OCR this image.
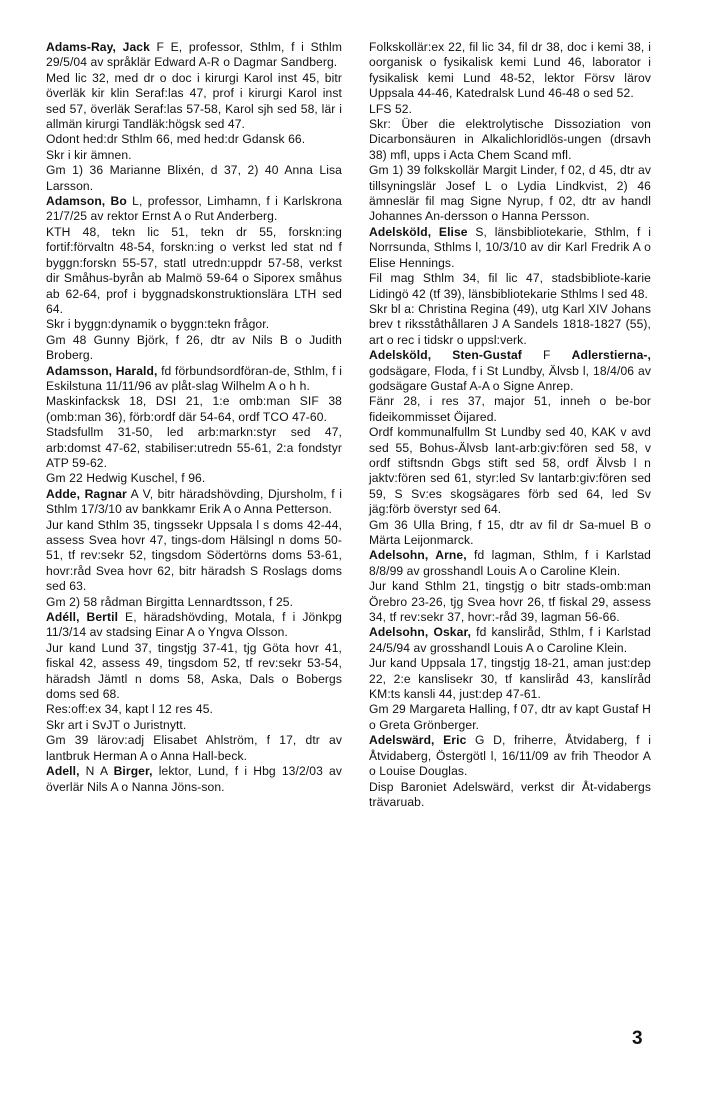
Adams-Ray, Jack F E, professor, Sthlm, f i Sthlm 29/5/04 av språklär Edward A-R o Dagmar Sandberg.

Med lic 32, med dr o doc i kirurgi Karol inst 45, bitr överläk kir klin Seraf:las 47, prof i kirurgi Karol inst sed 57, överläk Seraf:las 57-58, Karol sjh sed 58, lär i allmän kirurgi Tandläk:högsk sed 47.

Odont hed:dr Sthlm 66, med hed:dr Gdansk 66.

Skr i kir ämnen.

Gm 1) 36 Marianne Blixén, d 37, 2) 40 Anna Lisa Larsson.

Adamson, Bo L, professor, Limhamn, f i Karlskrona 21/7/25 av rektor Ernst A o Rut Anderberg.

KTH 48, tekn lic 51, tekn dr 55, forskn:ing fortif:förvaltn 48-54, forskn:ing o verkst led stat nd f byggn:forskn 55-57, statl utredn:uppdr 57-58, verkst dir Småhus-byrån ab Malmö 59-64 o Siporex småhus ab 62-64, prof i byggnadskonstruktionslära LTH sed 64.

Skr i byggn:dynamik o byggn:tekn frågor.

Gm 48 Gunny Björk, f 26, dtr av Nils B o Judith Broberg.

Adamsson, Harald, fd förbundsordföran-de, Sthlm, f i Eskilstuna 11/11/96 av plåt-slag Wilhelm A o h h.

Maskinfacksk 18, DSI 21, 1:e omb:man SIF 38 (omb:man 36), förb:ordf där 54-64, ordf TCO 47-60.

Stadsfullm 31-50, led arb:markn:styr sed 47, arb:domst 47-62, stabiliser:utredn 55-61, 2:a fondstyr ATP 59-62.

Gm 22 Hedwig Kuschel, f 96.

Adde, Ragnar A V, bitr häradshövding, Djursholm, f i Sthlm 17/3/10 av bankkamr Erik A o Anna Petterson.

Jur kand Sthlm 35, tingssekr Uppsala l s doms 42-44, assess Svea hovr 47, tings-dom Hälsingl n doms 50-51, tf rev:sekr 52, tingsdom Södertörns doms 53-61, hovr:råd Svea hovr 62, bitr häradsh S Roslags doms sed 63.

Gm 2) 58 rådman Birgitta Lennardtsson, f 25.

Adéll, Bertil E, häradshövding, Motala, f i Jönkpg 11/3/14 av stadsing Einar A o Yngva Olsson.

Jur kand Lund 37, tingstjg 37-41, tjg Göta hovr 41, fiskal 42, assess 49, tingsdom 52, tf rev:sekr 53-54, häradsh Jämtl n doms 58, Aska, Dals o Bobergs doms sed 68.

Res:off:ex 34, kapt l 12 res 45.

Skr art i SvJT o Juristnytt.

Gm 39 lärov:adj Elisabet Ahlström, f 17, dtr av lantbruk Herman A o Anna Hall-beck.

Adell, N A Birger, lektor, Lund, f i Hbg 13/2/03 av överlär Nils A o Nanna Jöns-son.

Folkskollär:ex 22, fil lic 34, fil dr 38, doc i kemi 38, i oorganisk o fysikalisk kemi Lund 46, laborator i fysikalisk kemi Lund 48-52, lektor Försv lärov Uppsala 44-46, Katedralsk Lund 46-48 o sed 52.

LFS 52.

Skr: Über die elektrolytische Dissoziation von Dicarbonsäuren in Alkalichloridlös-ungen (drsavh 38) mfl, upps i Acta Chem Scand mfl.

Gm 1) 39 folkskollär Margit Linder, f 02, d 45, dtr av tillsyningslär Josef L o Lydia Lindkvist, 2) 46 ämneslär fil mag Signe Nyrup, f 02, dtr av handl Johannes An-dersson o Hanna Persson.

Adelsköld, Elise S, länsbibliotekarie, Sthlm, f i Norrsunda, Sthlms l, 10/3/10 av dir Karl Fredrik A o Elise Hennings.

Fil mag Sthlm 34, fil lic 47, stadsbibliote-karie Lidingö 42 (tf 39), länsbibliotekarie Sthlms l sed 48.

Skr bl a: Christina Regina (49), utg Karl XIV Johans brev t riksståthållaren J A Sandels 1818-1827 (55), art o rec i tidskr o uppsl:verk.

Adelsköld, Sten-Gustaf F Adlerstierna-, godsägare, Floda, f i St Lundby, Älvsb l, 18/4/06 av godsägare Gustaf A-A o Signe Anrep.

Fänr 28, i res 37, major 51, inneh o be-bor fideikommisset Öijared.

Ordf kommunalfullm St Lundby sed 40, KAK v avd sed 55, Bohus-Älvsb lant-arb:giv:fören sed 58, v ordf stiftsndn Gbgs stift sed 58, ordf Älvsb l n jaktv:fören sed 61, styr:led Sv lantarb:giv:fören sed 59, S Sv:es skogsägares förb sed 64, led Sv jäg:förb överstyr sed 64.

Gm 36 Ulla Bring, f 15, dtr av fil dr Sa-muel B o Märta Leijonmarck.

Adelsohn, Arne, fd lagman, Sthlm, f i Karlstad 8/8/99 av grosshandl Louis A o Caroline Klein.

Jur kand Sthlm 21, tingstjg o bitr stads-omb:man Örebro 23-26, tjg Svea hovr 26, tf fiskal 29, assess 34, tf rev:sekr 37, hovr:-råd 39, lagman 56-66.

Adelsohn, Oskar, fd kansliråd, Sthlm, f i Karlstad 24/5/94 av grosshandl Louis A o Caroline Klein.

Jur kand Uppsala 17, tingstjg 18-21, aman just:dep 22, 2:e kanslisekr 30, tf kansliråd 43, kanslíråd KM:ts kansli 44, just:dep 47-61.

Gm 29 Margareta Halling, f 07, dtr av kapt Gustaf H o Greta Grönberger.

Adelswärd, Eric G D, friherre, Åtvidaberg, f i Åtvidaberg, Östergötl l, 16/11/09 av frih Theodor A o Louise Douglas.

Disp Baroniet Adelswärd, verkst dir Åt-vidabergs trävaruab.

3
